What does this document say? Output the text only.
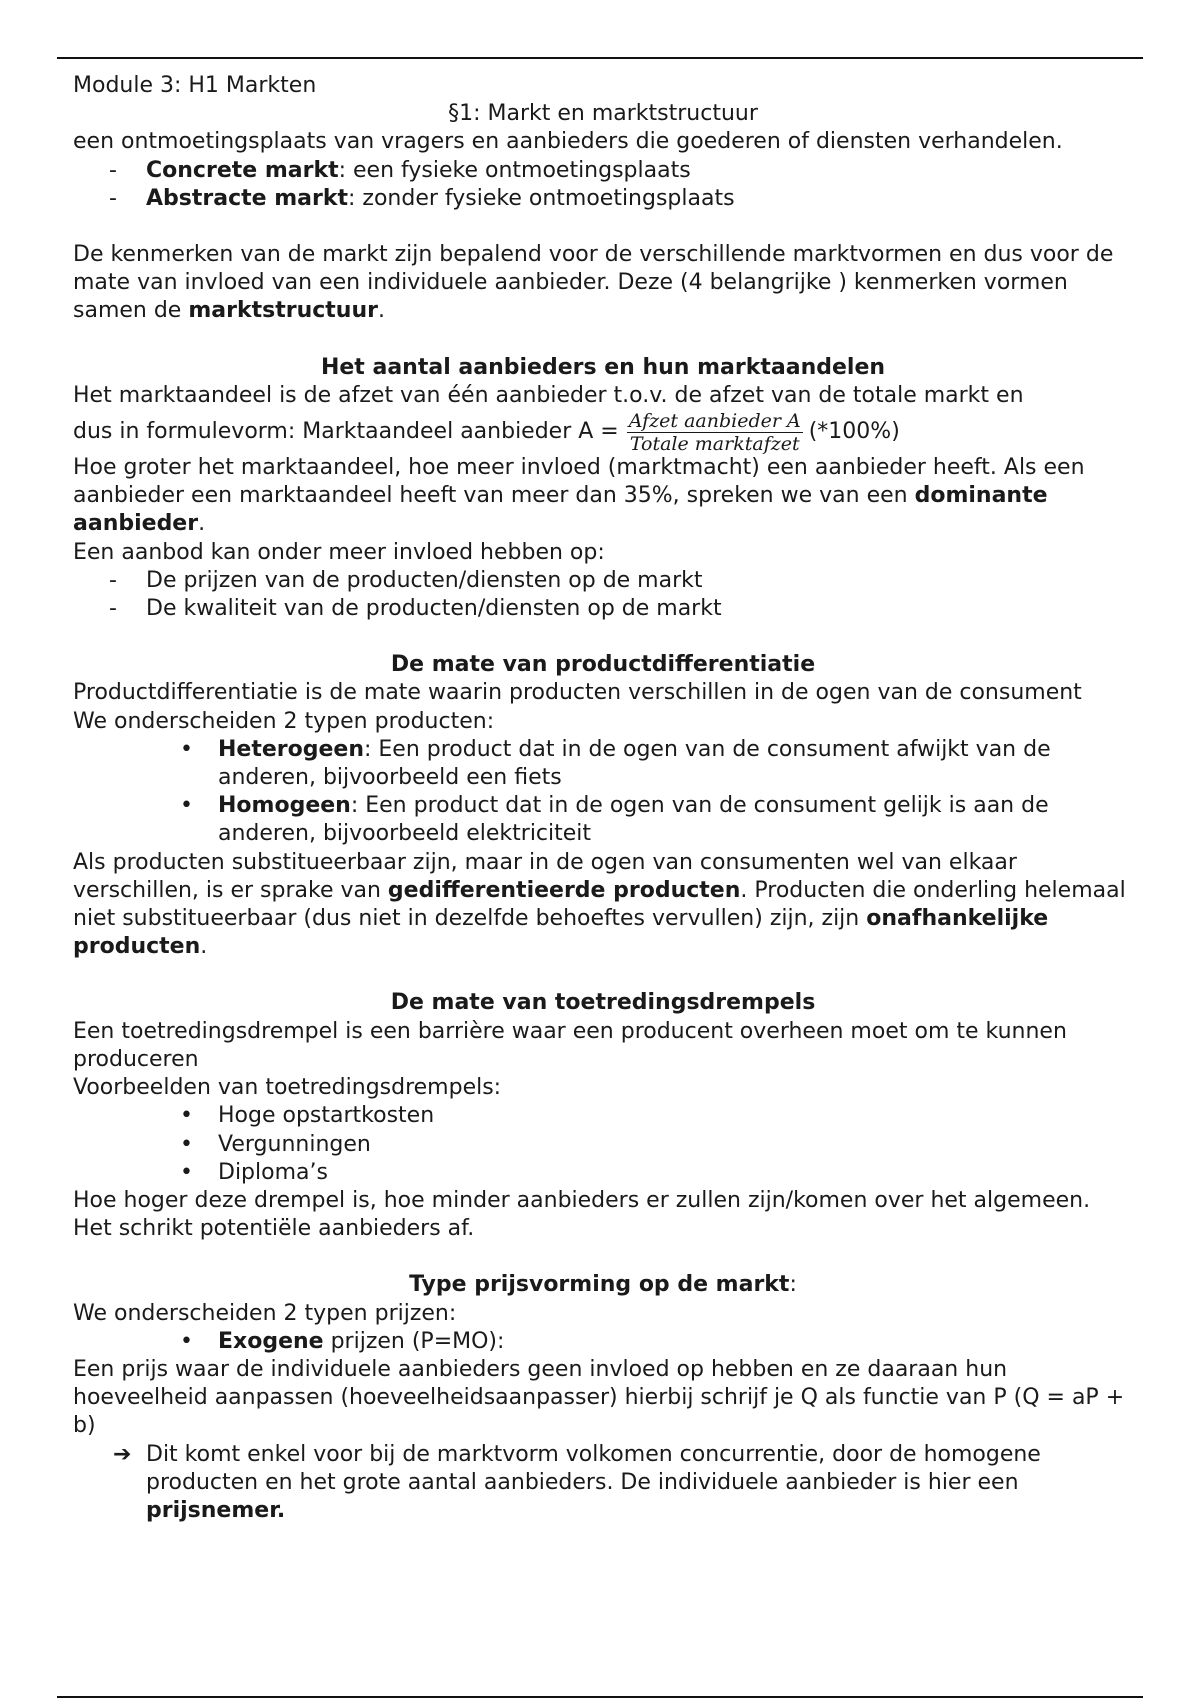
Module 3: H1 Markten

§1: Markt en marktstructuur

een ontmoetingsplaats van vragers en aanbieders die goederen of diensten verhandelen.

- Concrete markt: een fysieke ontmoetingsplaats
- Abstracte markt: zonder fysieke ontmoetingsplaats

De kenmerken van de markt zijn bepalend voor de verschillende marktvormen en dus voor de mate van invloed van een individuele aanbieder. Deze (4 belangrijke ) kenmerken vormen samen de marktstructuur.

Het aantal aanbieders en hun marktaandelen

Het marktaandeel is de afzet van één aanbieder t.o.v. de afzet van de totale markt en

dus in formulevorm: Marktaandeel aanbieder $A = \frac{\text{Afzet aanbieder A}}{\text{Totale marktafzet}} (*100\%)$

Hoe groter het marktaandeel, hoe meer invloed (marktmacht) een aanbieder heeft. Als een aanbieder een marktaandeel heeft van meer dan 35%, spreken we van een dominante aanbieder.

Een aanbod kan onder meer invloed hebben op:

- De prijzen van de producten/diensten op de markt
- De kwaliteit van de producten/diensten op de markt

De mate van productdifferentiatie

Productdifferentiatie is de mate waarin producten verschillen in de ogen van de consument

We onderscheiden 2 typen producten:

• Heterogeen: Een product dat in de ogen van de consument afwijkt van de anderen, bijvoorbeeld een fiets
• Homogeen: Een product dat in de ogen van de consument gelijk is aan de anderen, bijvoorbeeld elektriciteit

Als producten substitueerbaar zijn, maar in de ogen van consumenten wel van elkaar verschillen, is er sprake van gedifferentieerde producten. Producten die onderling helemaal niet substitueerbaar (dus niet in dezelfde behoeftes vervullen) zijn, zijn onafhankelijke producten.

De mate van toetredingsdrempels

Een toetredingsdrempel is een barrière waar een producent overheen moet om te kunnen produceren

Voorbeelden van toetredingsdrempels:

• Hoge opstartkosten
• Vergunningen
• Diploma’s

Hoe hoger deze drempel is, hoe minder aanbieders er zullen zijn/komen over het algemeen. Het schrikt potentiële aanbieders af.

Type prijsvorming op de markt:

We onderscheiden 2 typen prijzen:

• Exogene prijzen (P=MO):

Een prijs waar de individuele aanbieders geen invloed op hebben en ze daaraan hun hoeveelheid aanpassen (hoeveelheidsaanpasser) hierbij schrijf je Q als functie van P (Q = aP + b)

➔ Dit komt enkel voor bij de marktvorm volkomen concurrentie, door de homogene producten en het grote aantal aanbieders. De individuele aanbieder is hier een prijsnemer.
